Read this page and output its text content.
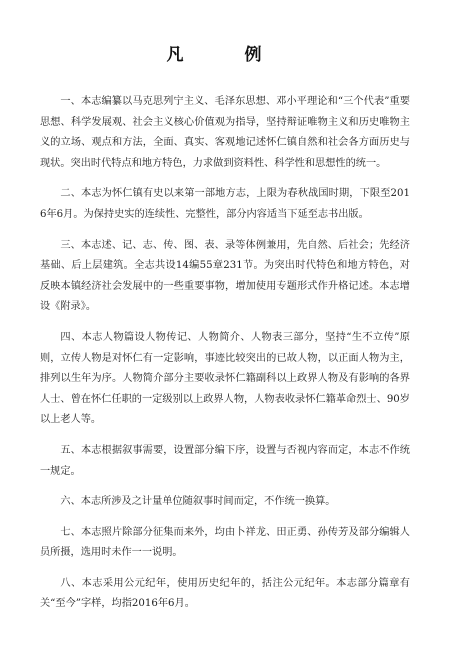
凡　例

一、本志编纂以马克思列宁主义、毛泽东思想、邓小平理论和“三个代表”重要思想、科学发展观、社会主义核心价值观为指导，坚持辩证唯物主义和历史唯物主义的立场、观点和方法，全面、真实、客观地记述怀仁镇自然和社会各方面历史与现状。突出时代特点和地方特色，力求做到资料性、科学性和思想性的统一。

二、本志为怀仁镇有史以来第一部地方志，上限为春秋战国时期，下限至2016年6月。为保持史实的连续性、完整性，部分内容适当下延至志书出版。

三、本志述、记、志、传、图、表、录等体例兼用，先自然、后社会；先经济基础、后上层建筑。全志共设14编55章231节。为突出时代特色和地方特色，对反映本镇经济社会发展中的一些重要事物，增加使用专题形式作升格记述。本志增设《附录》。

四、本志人物篇设人物传记、人物简介、人物表三部分，坚持“生不立传”原则，立传人物是对怀仁有一定影响，事迹比较突出的已故人物，以正面人物为主，排列以生年为序。人物简介部分主要收录怀仁籍副科以上政界人物及有影响的各界人士、曾在怀仁任职的一定级别以上政界人物，人物表收录怀仁籍革命烈士、90岁以上老人等。

五、本志根据叙事需要，设置部分编下序，设置与否视内容而定，本志不作统一规定。

六、本志所涉及之计量单位随叙事时间而定，不作统一换算。

七、本志照片除部分征集而来外，均由卜祥龙、田正勇、孙传芳及部分编辑人员所摄，选用时未作一一说明。

八、本志采用公元纪年，使用历史纪年的，括注公元纪年。本志部分篇章有关“至今”字样，均指2016年6月。
